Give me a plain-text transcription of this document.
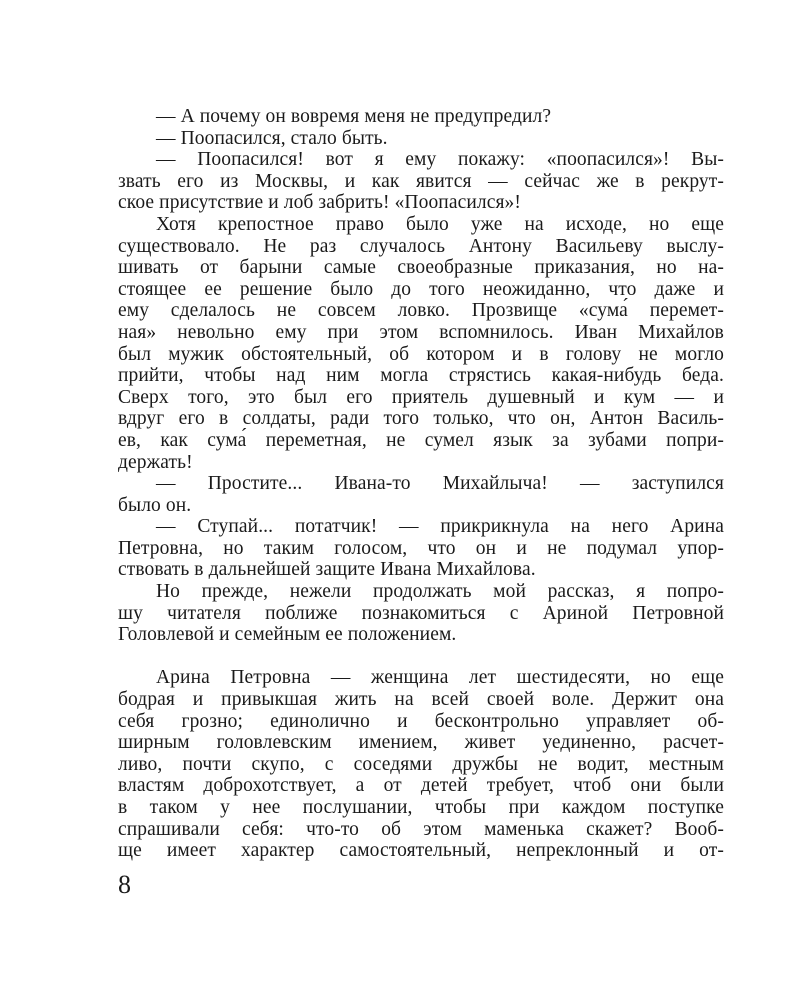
— А почему он вовремя меня не предупредил?
— Поопасился, стало быть.
— Поопасился! вот я ему покажу: «поопасился»! Вы-
звать его из Москвы, и как явится — сейчас же в рекрут-
ское присутствие и лоб забрить! «Поопасился»!
Хотя крепостное право было уже на исходе, но еще
существовало. Не раз случалось Антону Васильеву выслу-
шивать от барыни самые своеобразные приказания, но на-
стоящее ее решение было до того неожиданно, что даже и
ему сделалось не совсем ловко. Прозвище «сума́ перемет-
ная» невольно ему при этом вспомнилось. Иван Михайлов
был мужик обстоятельный, об котором и в голову не могло
прийти, чтобы над ним могла стрястись какая-нибудь беда.
Сверх того, это был его приятель душевный и кум — и
вдруг его в солдаты, ради того только, что он, Антон Василь-
ев, как сума́ переметная, не сумел язык за зубами попри-
держать!
— Простите... Ивана-то Михайлыча! — заступился
было он.
— Ступай... потатчик! — прикрикнула на него Арина
Петровна, но таким голосом, что он и не подумал упор-
ствовать в дальнейшей защите Ивана Михайлова.
Но прежде, нежели продолжать мой рассказ, я попро-
шу читателя поближе познакомиться с Ариной Петровной
Головлевой и семейным ее положением.
Арина Петровна — женщина лет шестидесяти, но еще
бодрая и привыкшая жить на всей своей воле. Держит она
себя грозно; единолично и бесконтрольно управляет об-
ширным головлевским имением, живет уединенно, расчет-
ливо, почти скупо, с соседями дружбы не водит, местным
властям доброхотствует, а от детей требует, чтоб они были
в таком у нее послушании, чтобы при каждом поступке
спрашивали себя: что-то об этом маменька скажет? Вооб-
ще имеет характер самостоятельный, непреклонный и от-
8
